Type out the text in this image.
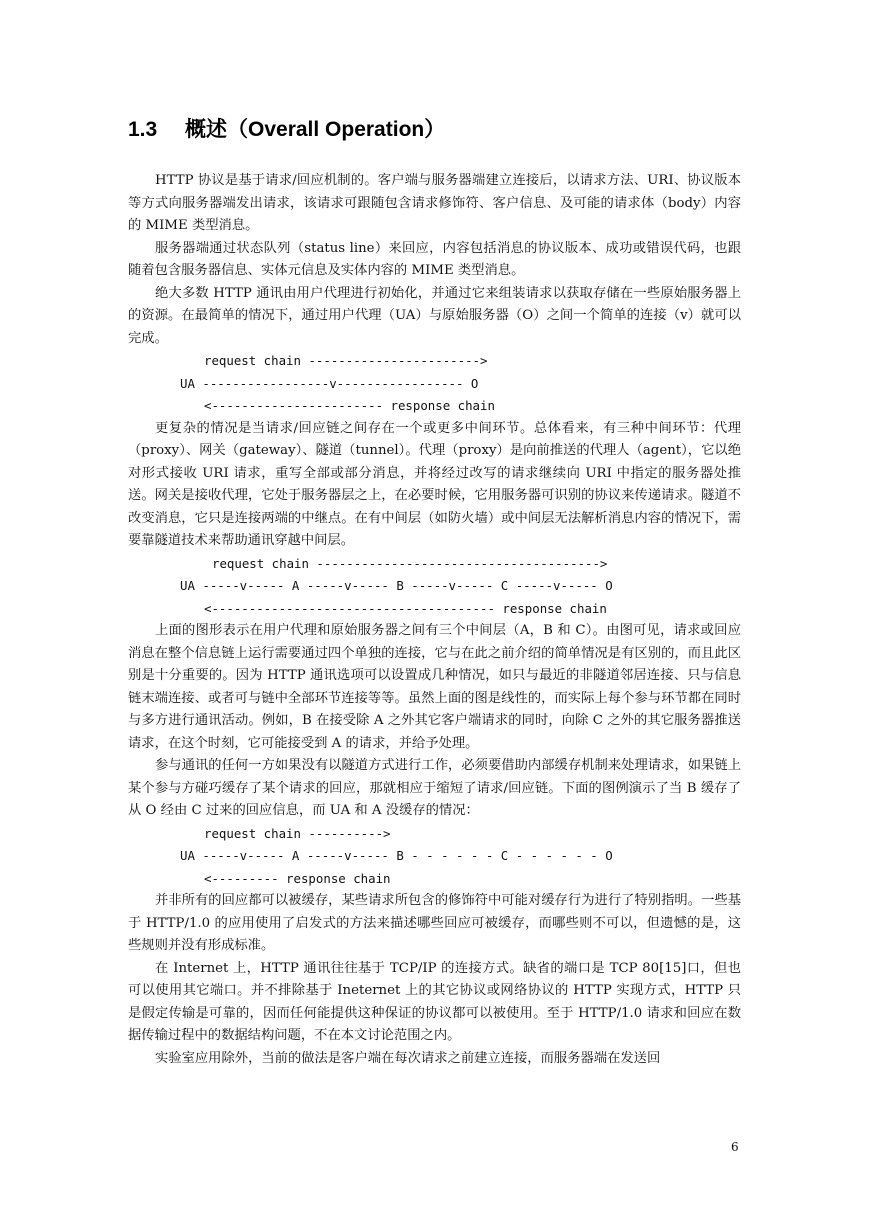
1.3 概述（Overall Operation）

HTTP 协议是基于请求/回应机制的。客户端与服务器端建立连接后，以请求方法、URI、协议版本等方式向服务器端发出请求，该请求可跟随包含请求修饰符、客户信息、及可能的请求体（body）内容的 MIME 类型消息。

服务器端通过状态队列（status line）来回应，内容包括消息的协议版本、成功或错误代码，也跟随着包含服务器信息、实体元信息及实体内容的 MIME 类型消息。

绝大多数 HTTP 通讯由用户代理进行初始化，并通过它来组装请求以获取存储在一些原始服务器上的资源。在最简单的情况下，通过用户代理（UA）与原始服务器（O）之间一个简单的连接（v）就可以完成。

request chain ----------------------->
UA -----------------v----------------- O
<----------------------- response chain

更复杂的情况是当请求/回应链之间存在一个或更多中间环节。总体看来，有三种中间环节：代理（proxy）、网关（gateway）、隧道（tunnel）。代理（proxy）是向前推送的代理人（agent），它以绝对形式接收 URI 请求，重写全部或部分消息，并将经过改写的请求继续向 URI 中指定的服务器处推送。网关是接收代理，它处于服务器层之上，在必要时候，它用服务器可识别的协议来传递请求。隧道不改变消息，它只是连接两端的中继点。在有中间层（如防火墙）或中间层无法解析消息内容的情况下，需要靠隧道技术来帮助通讯穿越中间层。

request chain -------------------------------------->
UA -----v----- A -----v----- B -----v----- C -----v----- O
<-------------------------------------- response chain

上面的图形表示在用户代理和原始服务器之间有三个中间层（A，B 和 C）。由图可见，请求或回应消息在整个信息链上运行需要通过四个单独的连接，它与在此之前介绍的简单情况是有区别的，而且此区别是十分重要的。因为 HTTP 通讯选项可以设置成几种情况，如只与最近的非隧道邻居连接、只与信息链末端连接、或者可与链中全部环节连接等等。虽然上面的图是线性的，而实际上每个参与环节都在同时与多方进行通讯活动。例如，B 在接受除 A 之外其它客户端请求的同时，向除 C 之外的其它服务器推送请求，在这个时刻，它可能接受到 A 的请求，并给予处理。

参与通讯的任何一方如果没有以隧道方式进行工作，必须要借助内部缓存机制来处理请求，如果链上某个参与方碰巧缓存了某个请求的回应，那就相应于缩短了请求/回应链。下面的图例演示了当 B 缓存了从 O 经由 C 过来的回应信息，而 UA 和 A 没缓存的情况：

request chain ---------->
UA -----v----- A -----v----- B - - - - - - C - - - - - - O
<--------- response chain

并非所有的回应都可以被缓存，某些请求所包含的修饰符中可能对缓存行为进行了特别指明。一些基于 HTTP/1.0 的应用使用了启发式的方法来描述哪些回应可被缓存，而哪些则不可以，但遗憾的是，这些规则并没有形成标准。

在 Internet 上，HTTP 通讯往往基于 TCP/IP 的连接方式。缺省的端口是 TCP 80[15]口，但也可以使用其它端口。并不排除基于 Ineternet 上的其它协议或网络协议的 HTTP 实现方式，HTTP 只是假定传输是可靠的，因而任何能提供这种保证的协议都可以被使用。至于 HTTP/1.0 请求和回应在数据传输过程中的数据结构问题，不在本文讨论范围之内。

实验室应用除外，当前的做法是客户端在每次请求之前建立连接，而服务器端在发送回

6
